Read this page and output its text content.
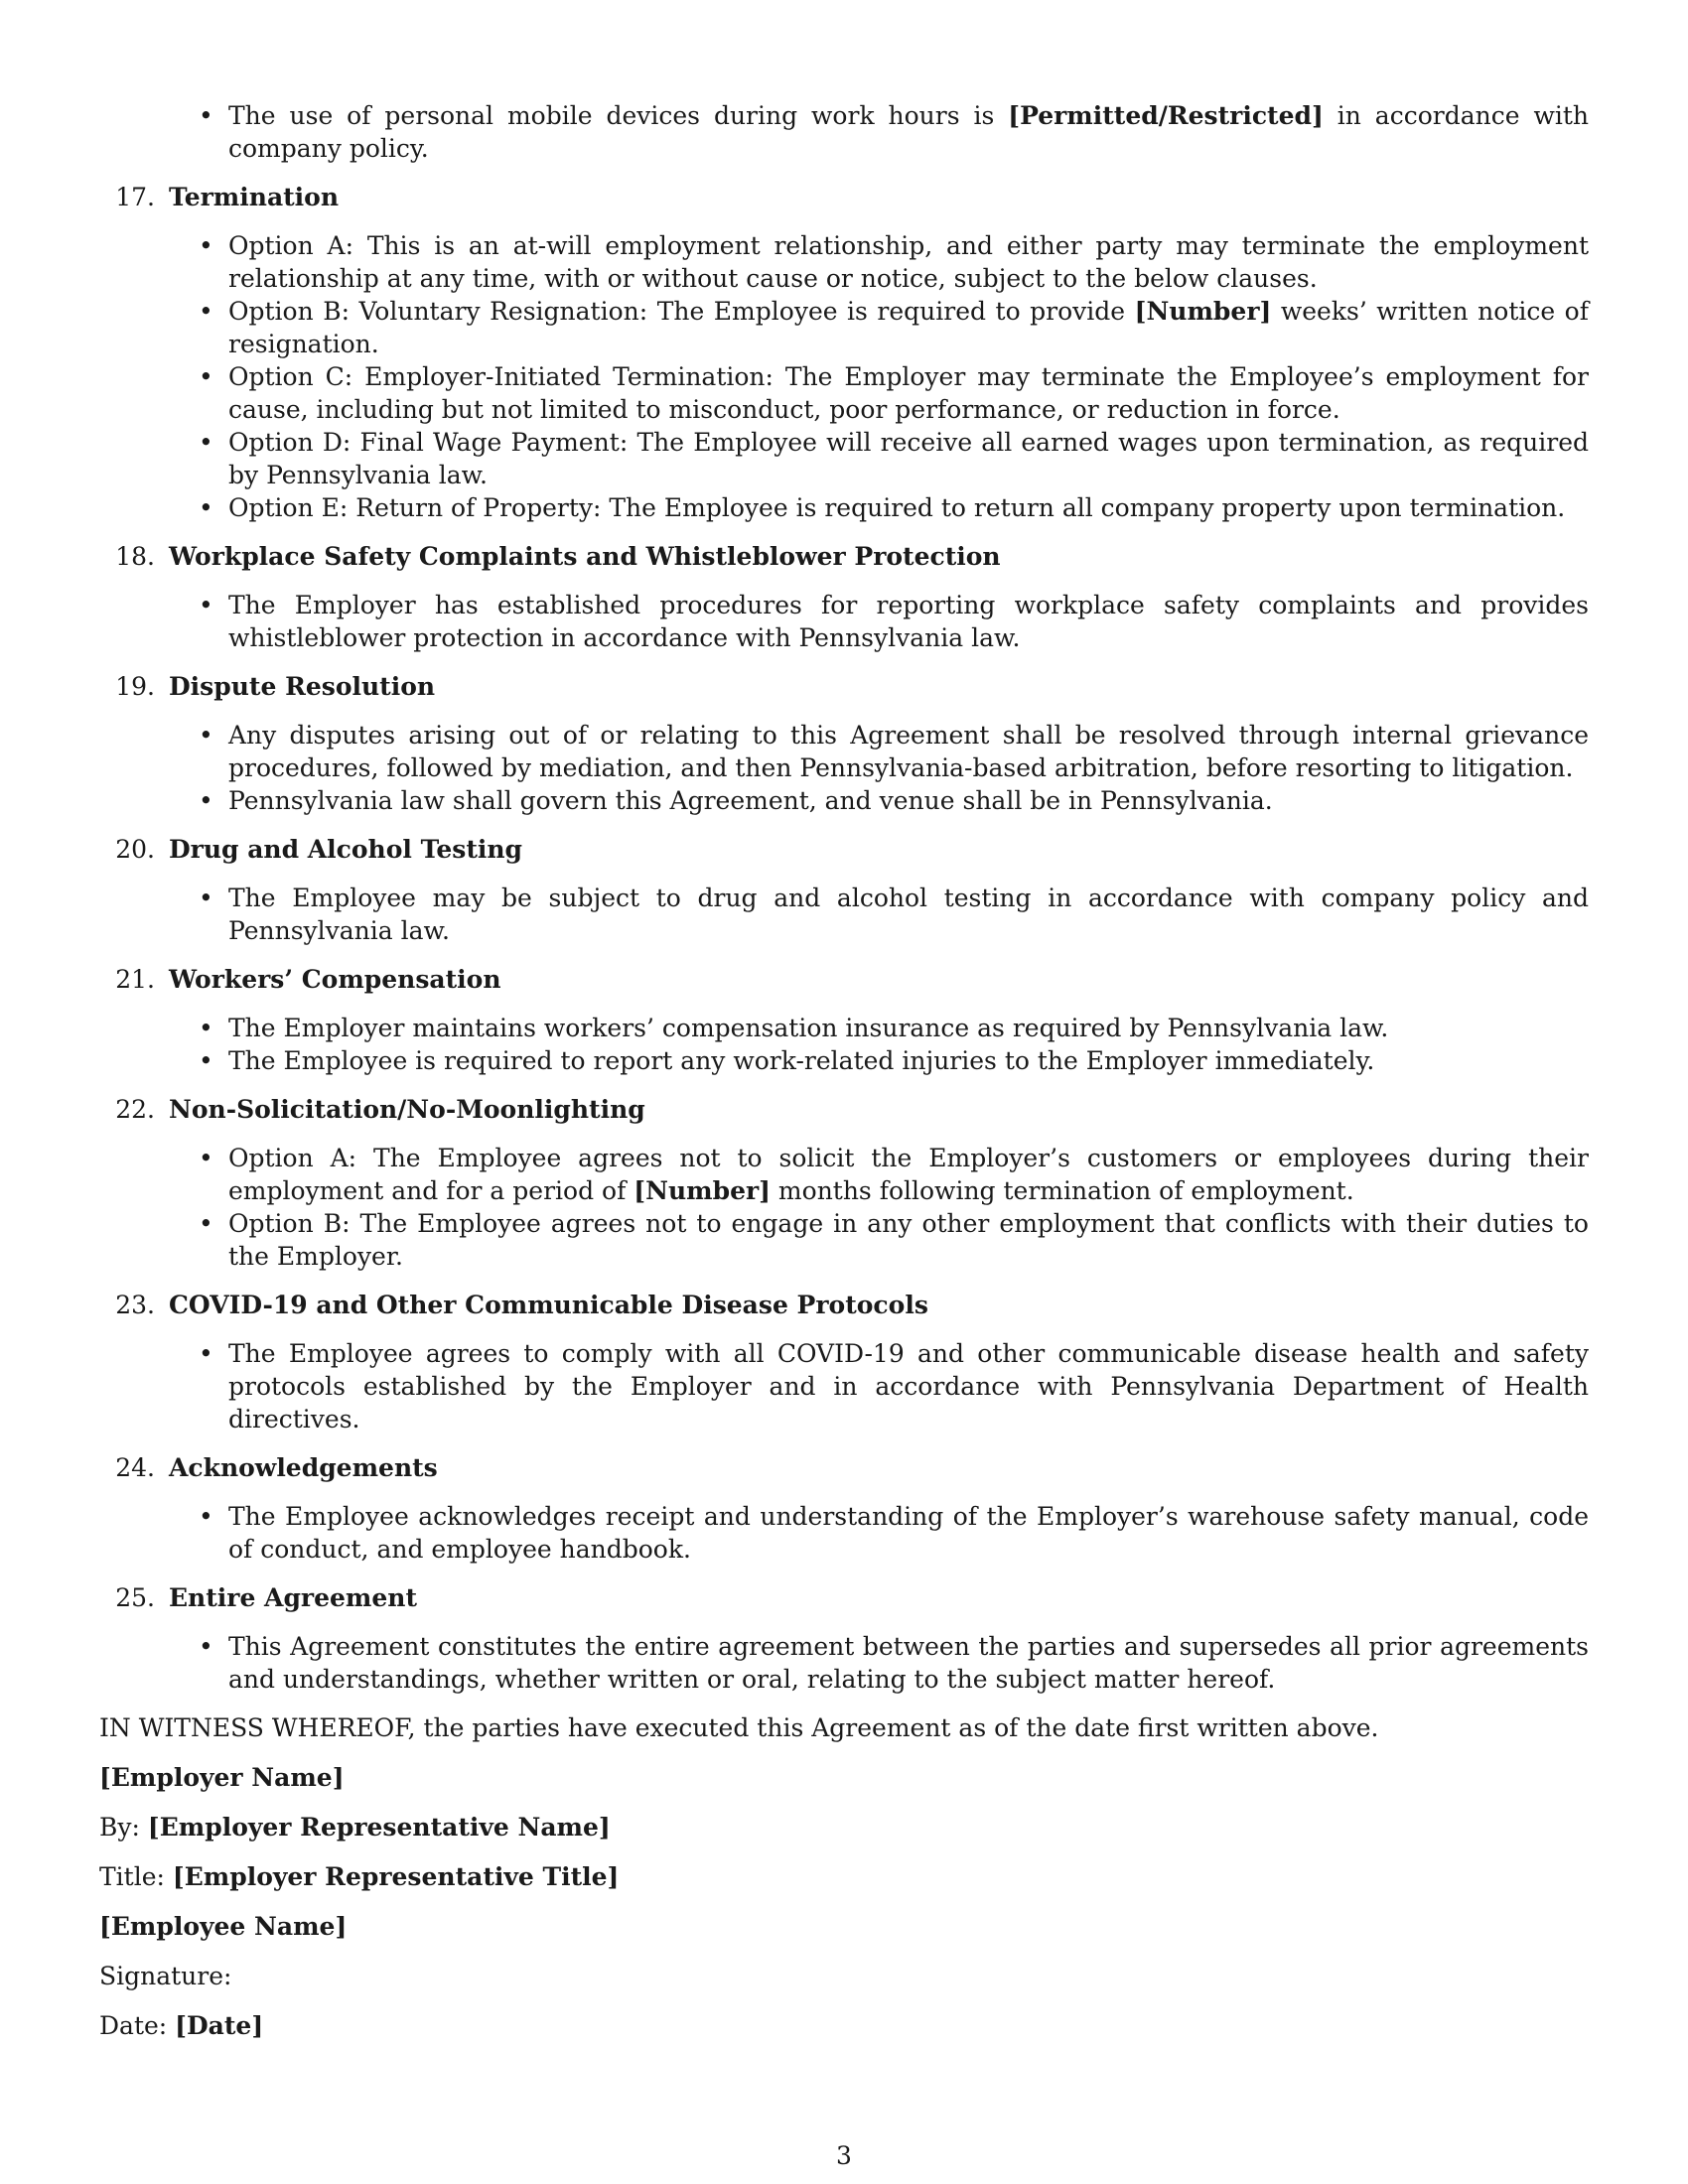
• The use of personal mobile devices during work hours is [Permitted/Restricted] in accordance with company policy.
17. Termination
• Option A: This is an at-will employment relationship, and either party may terminate the employment relationship at any time, with or without cause or notice, subject to the below clauses.
• Option B: Voluntary Resignation: The Employee is required to provide [Number] weeks’ written notice of resignation.
• Option C: Employer-Initiated Termination: The Employer may terminate the Employee’s employment for cause, including but not limited to misconduct, poor performance, or reduction in force.
• Option D: Final Wage Payment: The Employee will receive all earned wages upon termination, as required by Pennsylvania law.
• Option E: Return of Property: The Employee is required to return all company property upon termination.
18. Workplace Safety Complaints and Whistleblower Protection
• The Employer has established procedures for reporting workplace safety complaints and provides whistleblower protection in accordance with Pennsylvania law.
19. Dispute Resolution
• Any disputes arising out of or relating to this Agreement shall be resolved through internal grievance procedures, followed by mediation, and then Pennsylvania-based arbitration, before resorting to litigation.
• Pennsylvania law shall govern this Agreement, and venue shall be in Pennsylvania.
20. Drug and Alcohol Testing
• The Employee may be subject to drug and alcohol testing in accordance with company policy and Pennsylvania law.
21. Workers’ Compensation
• The Employer maintains workers’ compensation insurance as required by Pennsylvania law.
• The Employee is required to report any work-related injuries to the Employer immediately.
22. Non-Solicitation/No-Moonlighting
• Option A: The Employee agrees not to solicit the Employer’s customers or employees during their employment and for a period of [Number] months following termination of employment.
• Option B: The Employee agrees not to engage in any other employment that conflicts with their duties to the Employer.
23. COVID-19 and Other Communicable Disease Protocols
• The Employee agrees to comply with all COVID-19 and other communicable disease health and safety protocols established by the Employer and in accordance with Pennsylvania Department of Health directives.
24. Acknowledgements
• The Employee acknowledges receipt and understanding of the Employer’s warehouse safety manual, code of conduct, and employee handbook.
25. Entire Agreement
• This Agreement constitutes the entire agreement between the parties and supersedes all prior agreements and understandings, whether written or oral, relating to the subject matter hereof.
IN WITNESS WHEREOF, the parties have executed this Agreement as of the date first written above.
[Employer Name]
By: [Employer Representative Name]
Title: [Employer Representative Title]
[Employee Name]
Signature:
Date: [Date]
3
